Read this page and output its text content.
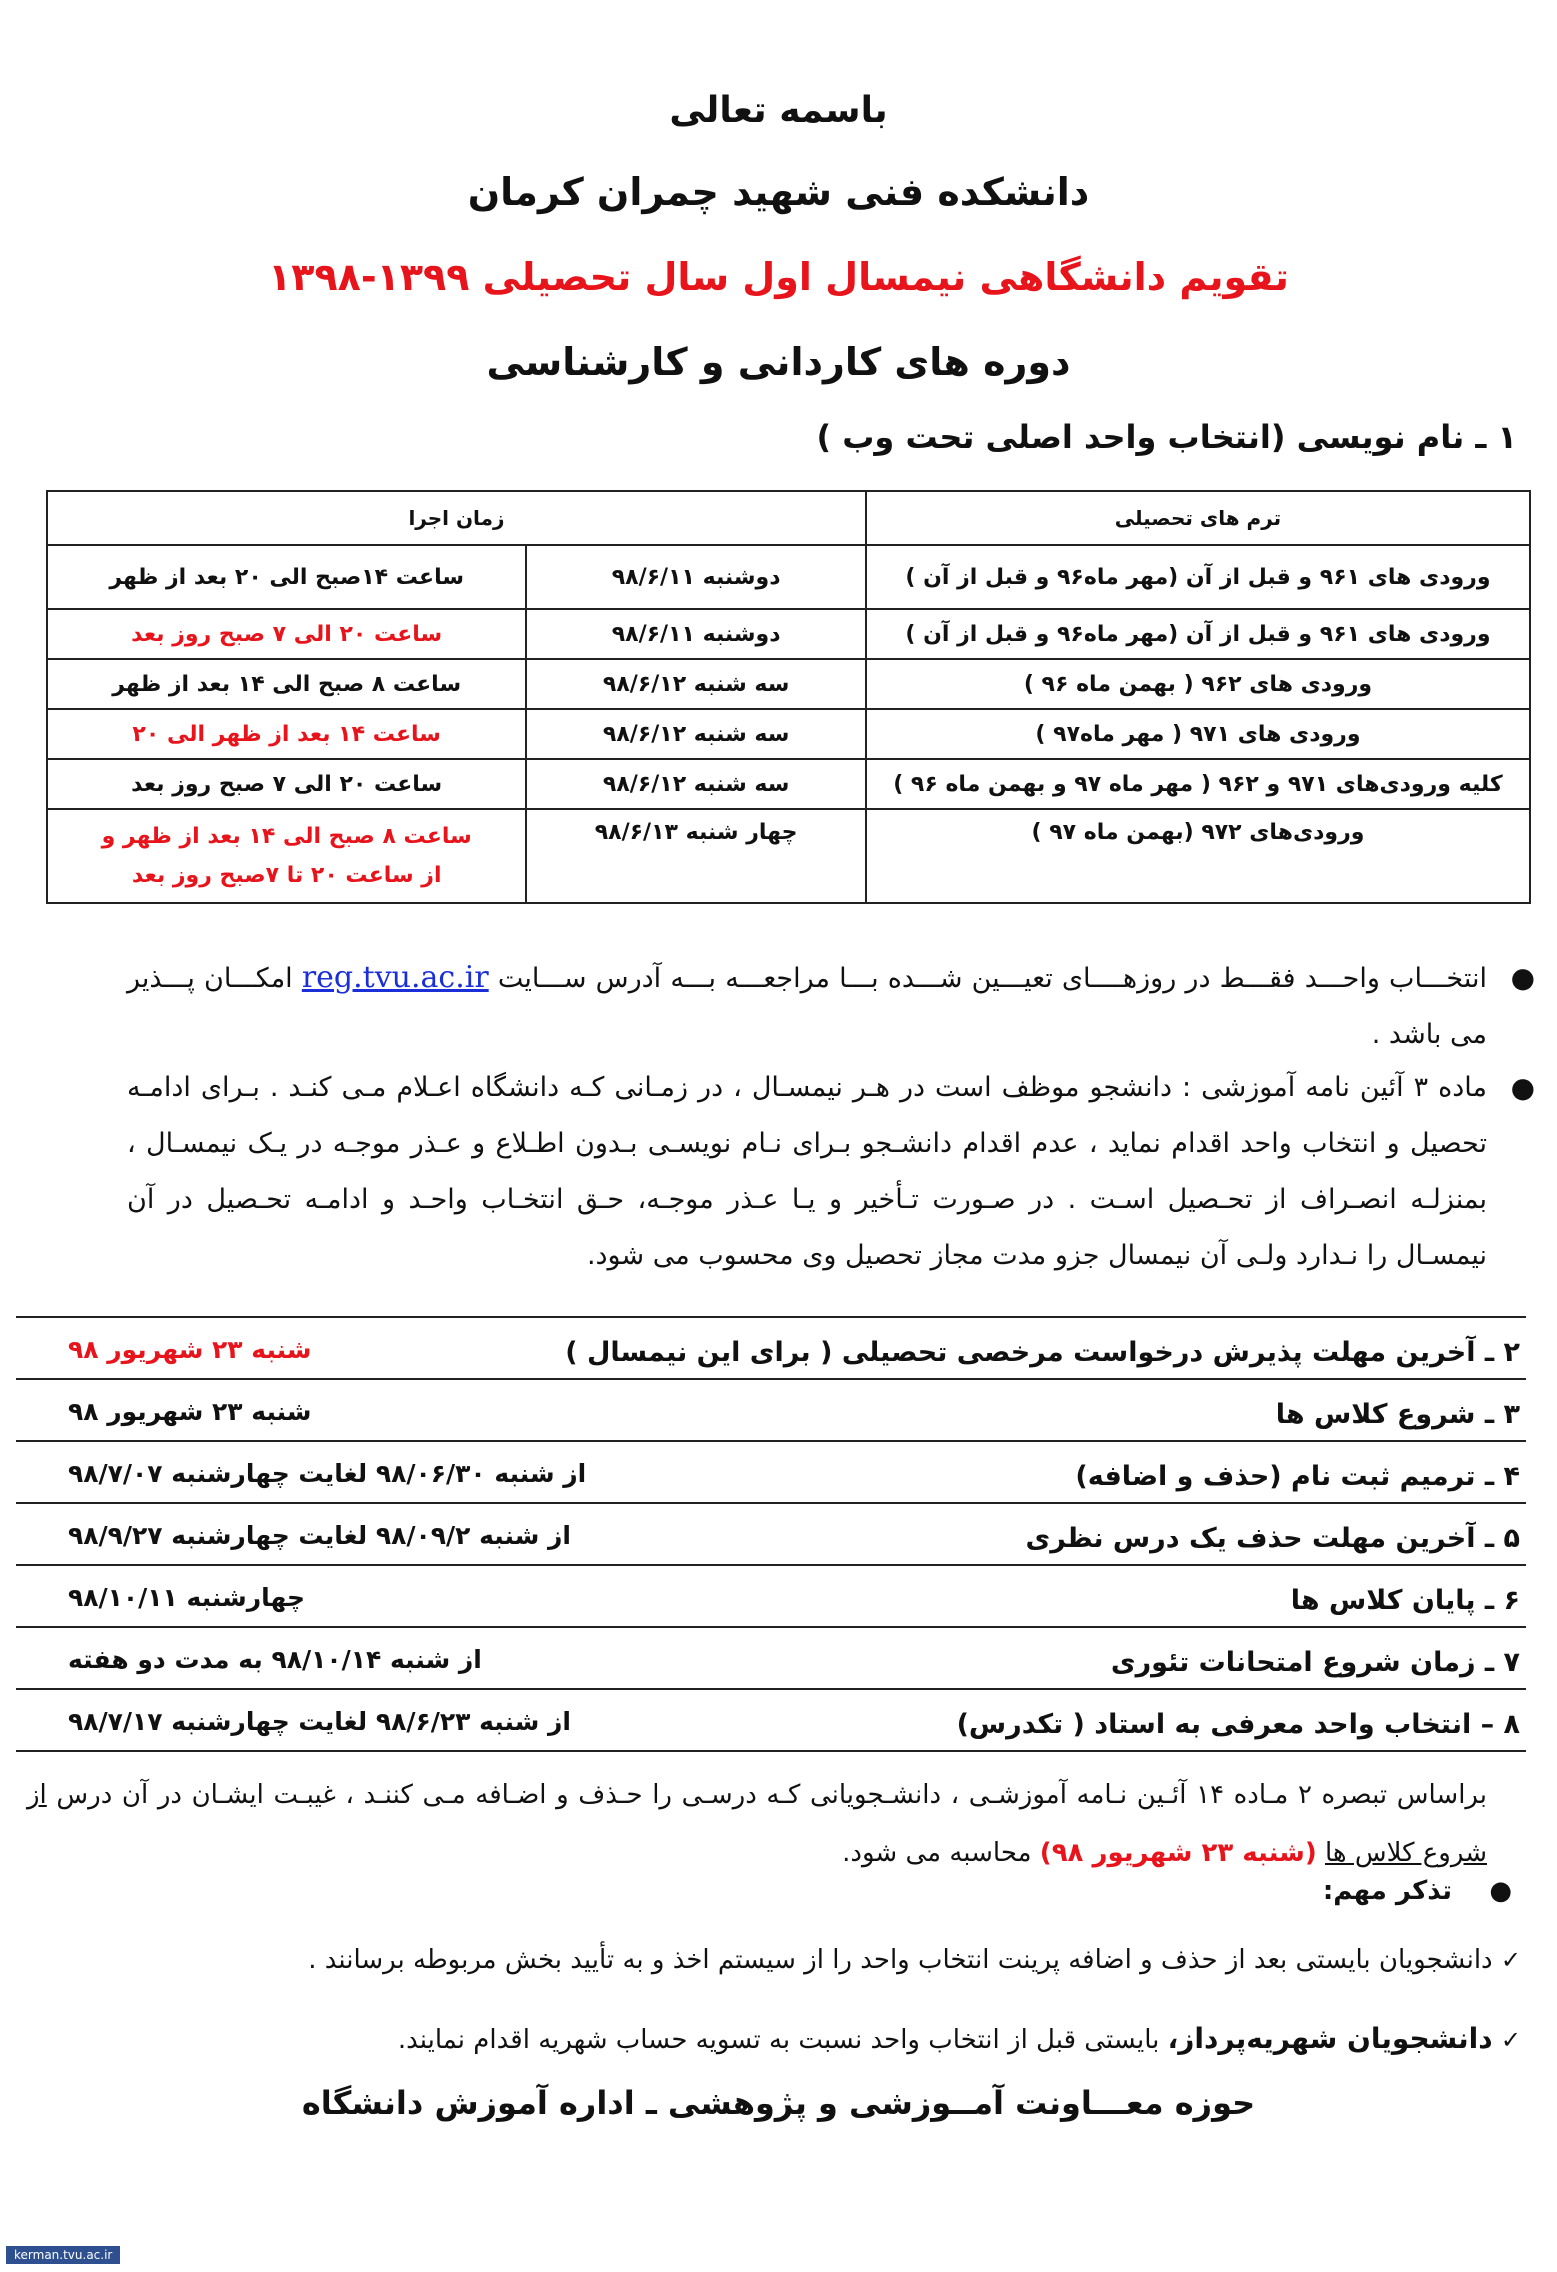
باسمه تعالی
دانشکده فنی شهید چمران کرمان
تقویم دانشگاهی نیمسال اول سال تحصیلی ۱۳۹۹-۱۳۹۸
دوره های کاردانی و کارشناسی
۱ ـ نام نویسی (انتخاب واحد اصلی تحت وب )
ترم های تحصیلی	زمان اجرا	
ورودی های ۹۶۱ و قبل از آن (مهر ماه۹۶ و قبل از آن )	دوشنبه ۹۸/۶/۱۱	ساعت ۱۴صبح الی ۲۰ بعد از ظهر

ورودی های ۹۶۱ و قبل از آن (مهر ماه۹۶ و قبل از آن )	دوشنبه ۹۸/۶/۱۱	ساعت ۲۰ الی ۷ صبح روز بعد

ورودی های ۹۶۲ ( بهمن ماه ۹۶ )	سه شنبه ۹۸/۶/۱۲	ساعت ۸ صبح الی ۱۴ بعد از ظهر

ورودی های ۹۷۱ ( مهر ماه۹۷ )	سه شنبه ۹۸/۶/۱۲	ساعت ۱۴ بعد از ظهر الی ۲۰

کلیه ورودی‌های ۹۷۱ و ۹۶۲ ( مهر ماه ۹۷ و بهمن ماه ۹۶ )	سه شنبه ۹۸/۶/۱۲	ساعت ۲۰ الی ۷ صبح روز بعد

ورودی‌های ۹۷۲ (بهمن ماه ۹۷ )	چهار شنبه ۹۸/۶/۱۳	ساعت ۸ صبح الی ۱۴ بعد از ظهر و
از ساعت ۲۰ تا ۷صبح روز بعد
●
انتخـــاب واحـــد فقـــط در روزهــــای تعیـــین شـــده بـــا مراجعـــه بـــه آدرس ســـایت reg.tvu.ac.ir امکـــان پـــذیر می باشد .
●
ماده ۳ آئین نامه آموزشی : دانشجو موظف است در هـر نیمسـال ، در زمـانی کـه دانشگاه اعـلام مـی کنـد . بـرای ادامـه تحصیل و انتخاب واحد اقدام نماید ، عدم اقدام دانشـجو بـرای نـام نویسـی بـدون اطـلاع و عـذر موجـه در یـک نیمسـال ، بمنزلـه انصـراف از تحـصیل اسـت . در صـورت تـأخیر و یـا عـذر موجـه، حـق انتخـاب واحـد و ادامـه تحـصیل در آن نیمسـال را نـدارد ولـی آن نیمسال جزو مدت مجاز تحصیل وی محسوب می شود.
۲ ـ آخرین مهلت پذیرش درخواست مرخصی تحصیلی ( برای این نیمسال )
شنبه ۲۳ شهریور ۹۸
۳ ـ شروع کلاس ها
شنبه ۲۳ شهریور ۹۸
۴ ـ ترمیم ثبت نام (حذف و اضافه)
از شنبه ۹۸/۰۶/۳۰ لغایت چهارشنبه ۹۸/۷/۰۷
۵ ـ آخرین مهلت حذف یک درس نظری
از شنبه ۹۸/۰۹/۲ لغایت چهارشنبه ۹۸/۹/۲۷
۶ ـ پایان کلاس ها
چهارشنبه ۹۸/۱۰/۱۱
۷ ـ زمان شروع امتحانات تئوری
از شنبه ۹۸/۱۰/۱۴ به مدت دو هفته
۸ – انتخاب واحد معرفی به استاد ( تکدرس)
از شنبه ۹۸/۶/۲۳ لغایت چهارشنبه ۹۸/۷/۱۷
براساس تبصره ۲ مـاده ۱۴ آئـین نـامه آموزشـی ، دانشـجویانی کـه درسـی را حـذف و اضـافه مـی کننـد ، غیبـت ایشـان در آن درس از شروع کلاس ها (شنبه ۲۳ شهریور ۹۸) محاسبه می شود.
●
تذکر مهم:
✓ دانشجویان بایستی بعد از حذف و اضافه پرینت انتخاب واحد را از سیستم اخذ و به تأیید بخش مربوطه برسانند .
✓ دانشجویان شهریه‌پرداز، بایستی قبل از انتخاب واحد نسبت به تسویه حساب شهریه اقدام نمایند.
حوزه معـــاونت آمــوزشی و پژوهشی ـ اداره آموزش دانشگاه
kerman.tvu.ac.ir
